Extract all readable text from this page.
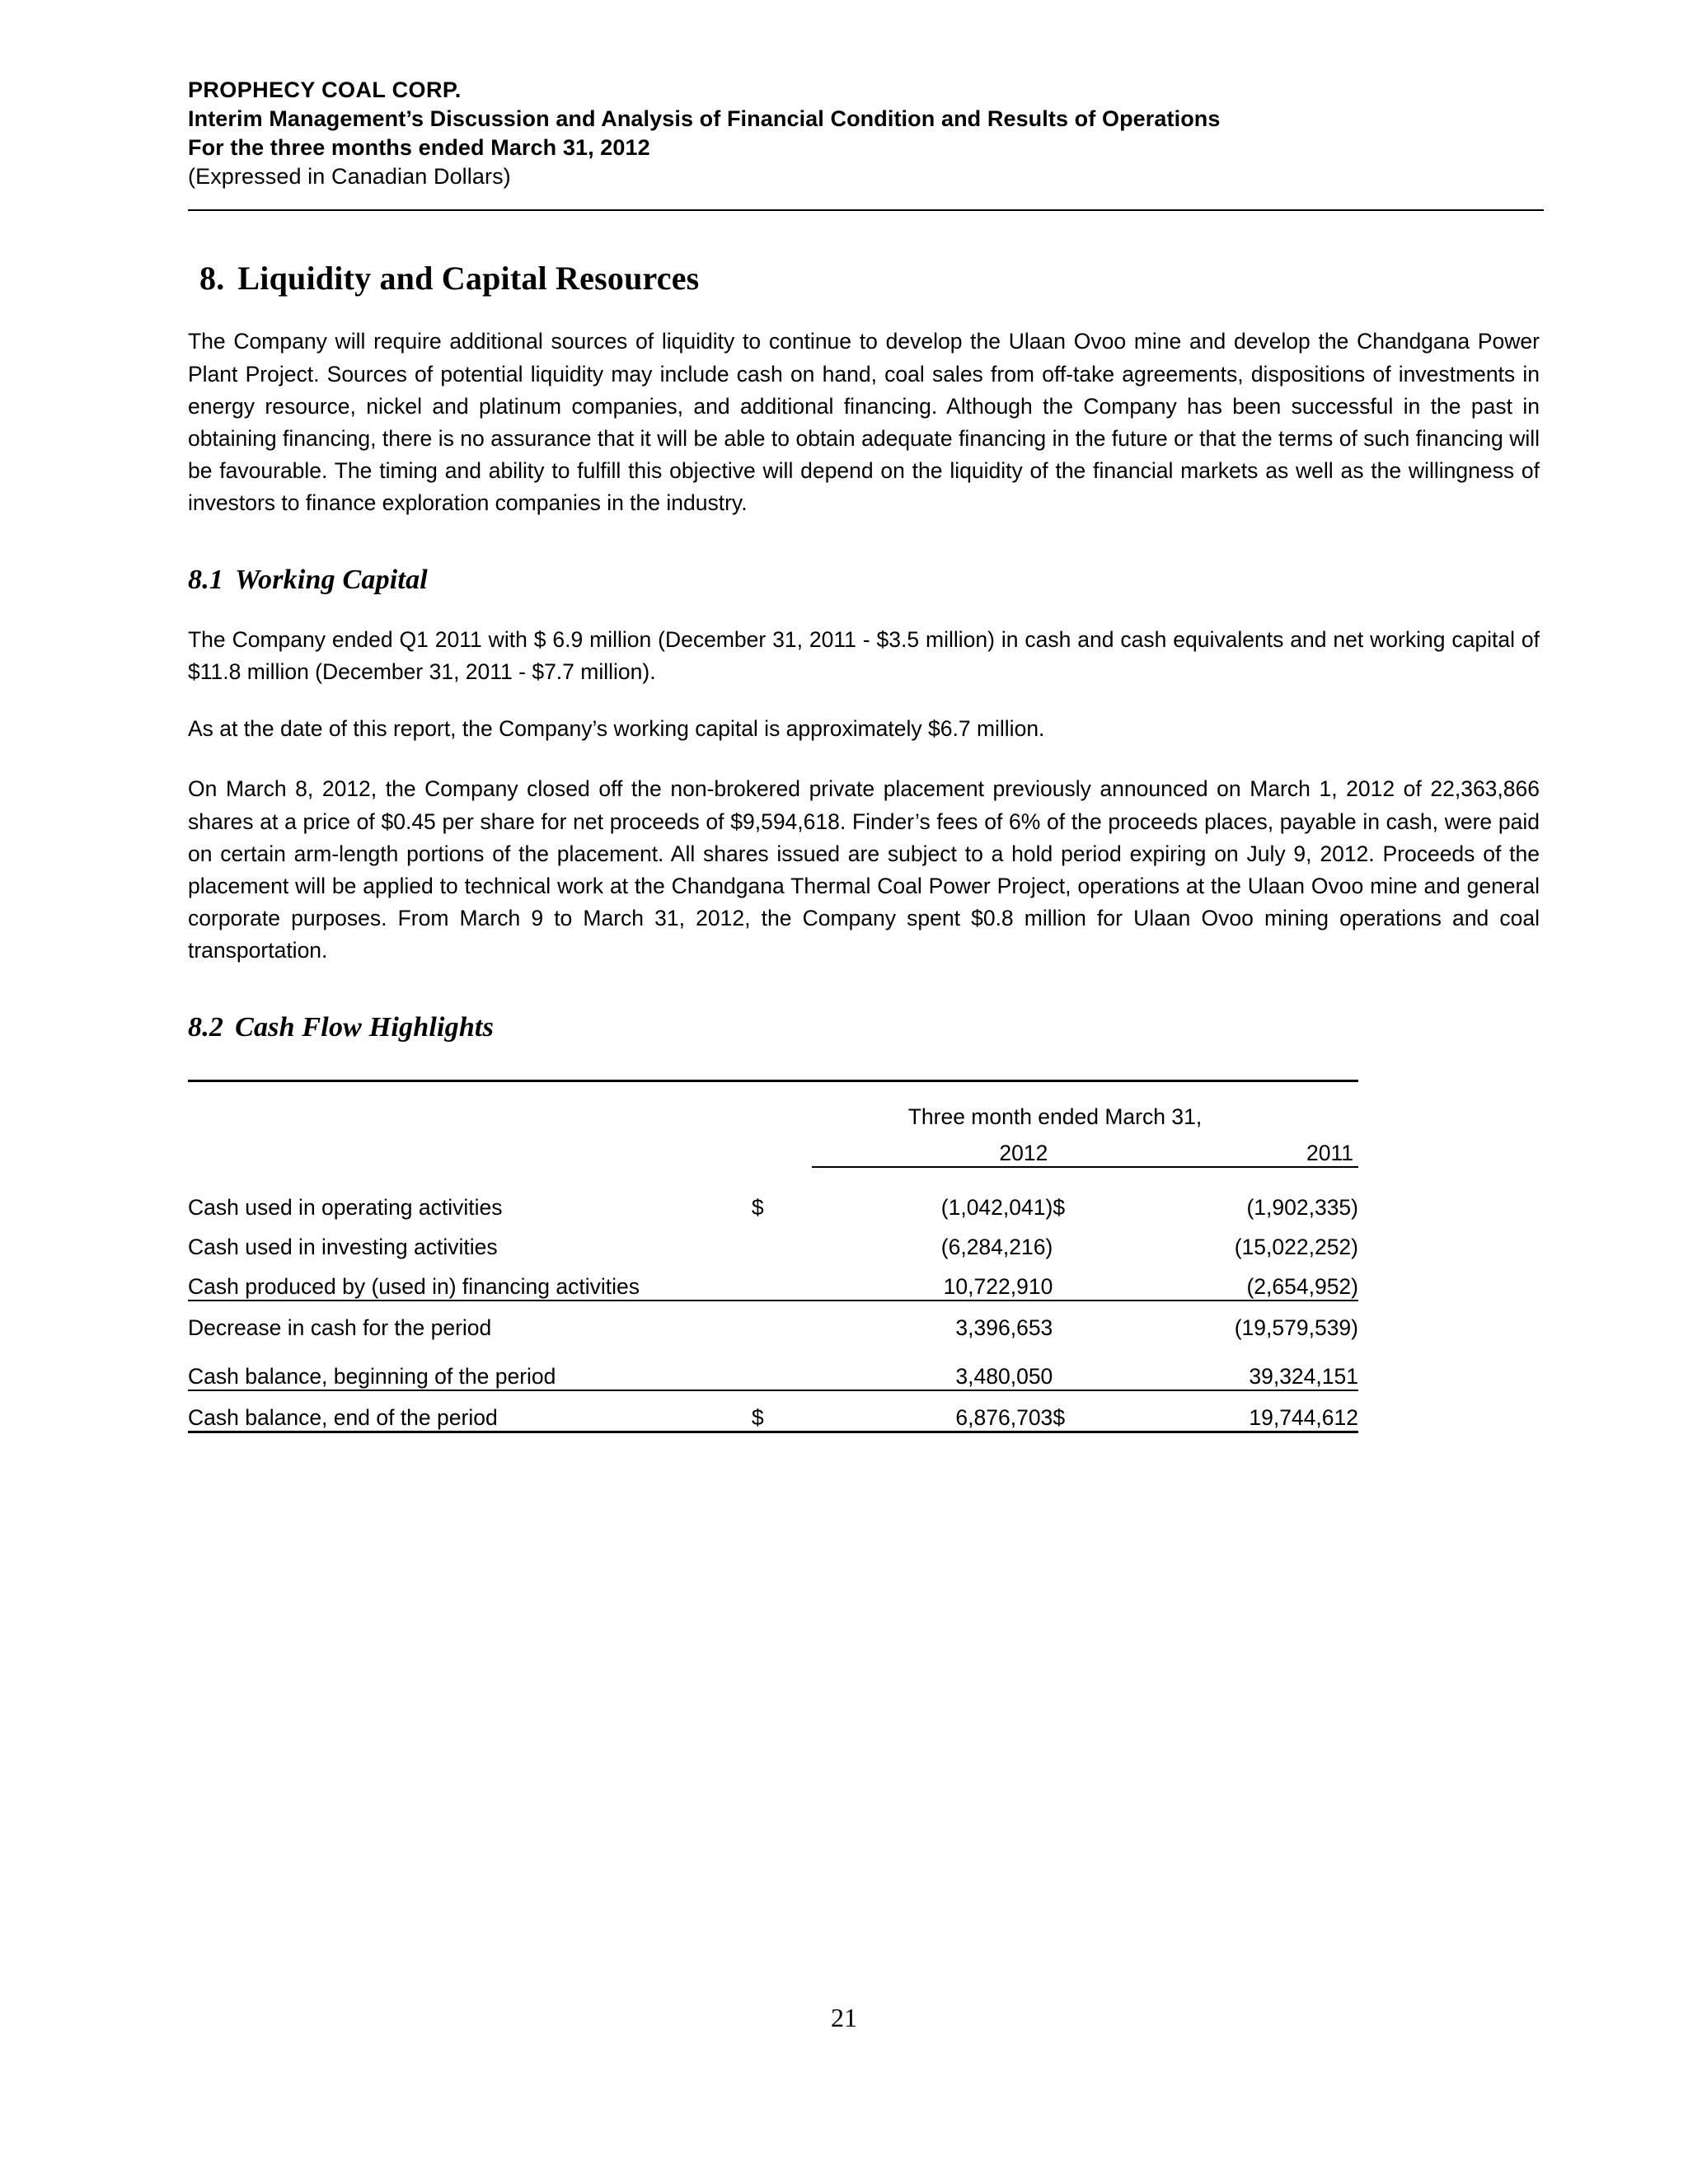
PROPHECY COAL CORP.
Interim Management’s Discussion and Analysis of Financial Condition and Results of Operations
For the three months ended March 31, 2012
(Expressed in Canadian Dollars)
8. Liquidity and Capital Resources

The Company will require additional sources of liquidity to continue to develop the Ulaan Ovoo mine and develop the Chandgana Power Plant Project. Sources of potential liquidity may include cash on hand, coal sales from off-take agreements, dispositions of investments in energy resource, nickel and platinum companies, and additional financing. Although the Company has been successful in the past in obtaining financing, there is no assurance that it will be able to obtain adequate financing in the future or that the terms of such financing will be favourable. The timing and ability to fulfill this objective will depend on the liquidity of the financial markets as well as the willingness of investors to finance exploration companies in the industry.

8.1 Working Capital

The Company ended Q1 2011 with $ 6.9 million (December 31, 2011 - $3.5 million) in cash and cash equivalents and net working capital of $11.8 million (December 31, 2011 - $7.7 million).

As at the date of this report, the Company’s working capital is approximately $6.7 million.

On March 8, 2012, the Company closed off the non-brokered private placement previously announced on March 1, 2012 of 22,363,866 shares at a price of $0.45 per share for net proceeds of $9,594,618. Finder’s fees of 6% of the proceeds places, payable in cash, were paid on certain arm-length portions of the placement. All shares issued are subject to a hold period expiring on July 9, 2012. Proceeds of the placement will be applied to technical work at the Chandgana Thermal Coal Power Project, operations at the Ulaan Ovoo mine and general corporate purposes. From March 9 to March 31, 2012, the Company spent $0.8 million for Ulaan Ovoo mining operations and coal transportation.

8.2 Cash Flow Highlights

	Three month ended March 31,			
		2012		2011

Cash used in operating activities	$	(1,042,041)	$	(1,902,335)
Cash used in investing activities		(6,284,216)		(15,022,252)
Cash produced by (used in) financing activities		10,722,910		(2,654,952)
Decrease in cash for the period		3,396,653		(19,579,539)

Cash balance, beginning of the period		3,480,050		39,324,151
Cash balance, end of the period	$	6,876,703	$	19,744,612
21
